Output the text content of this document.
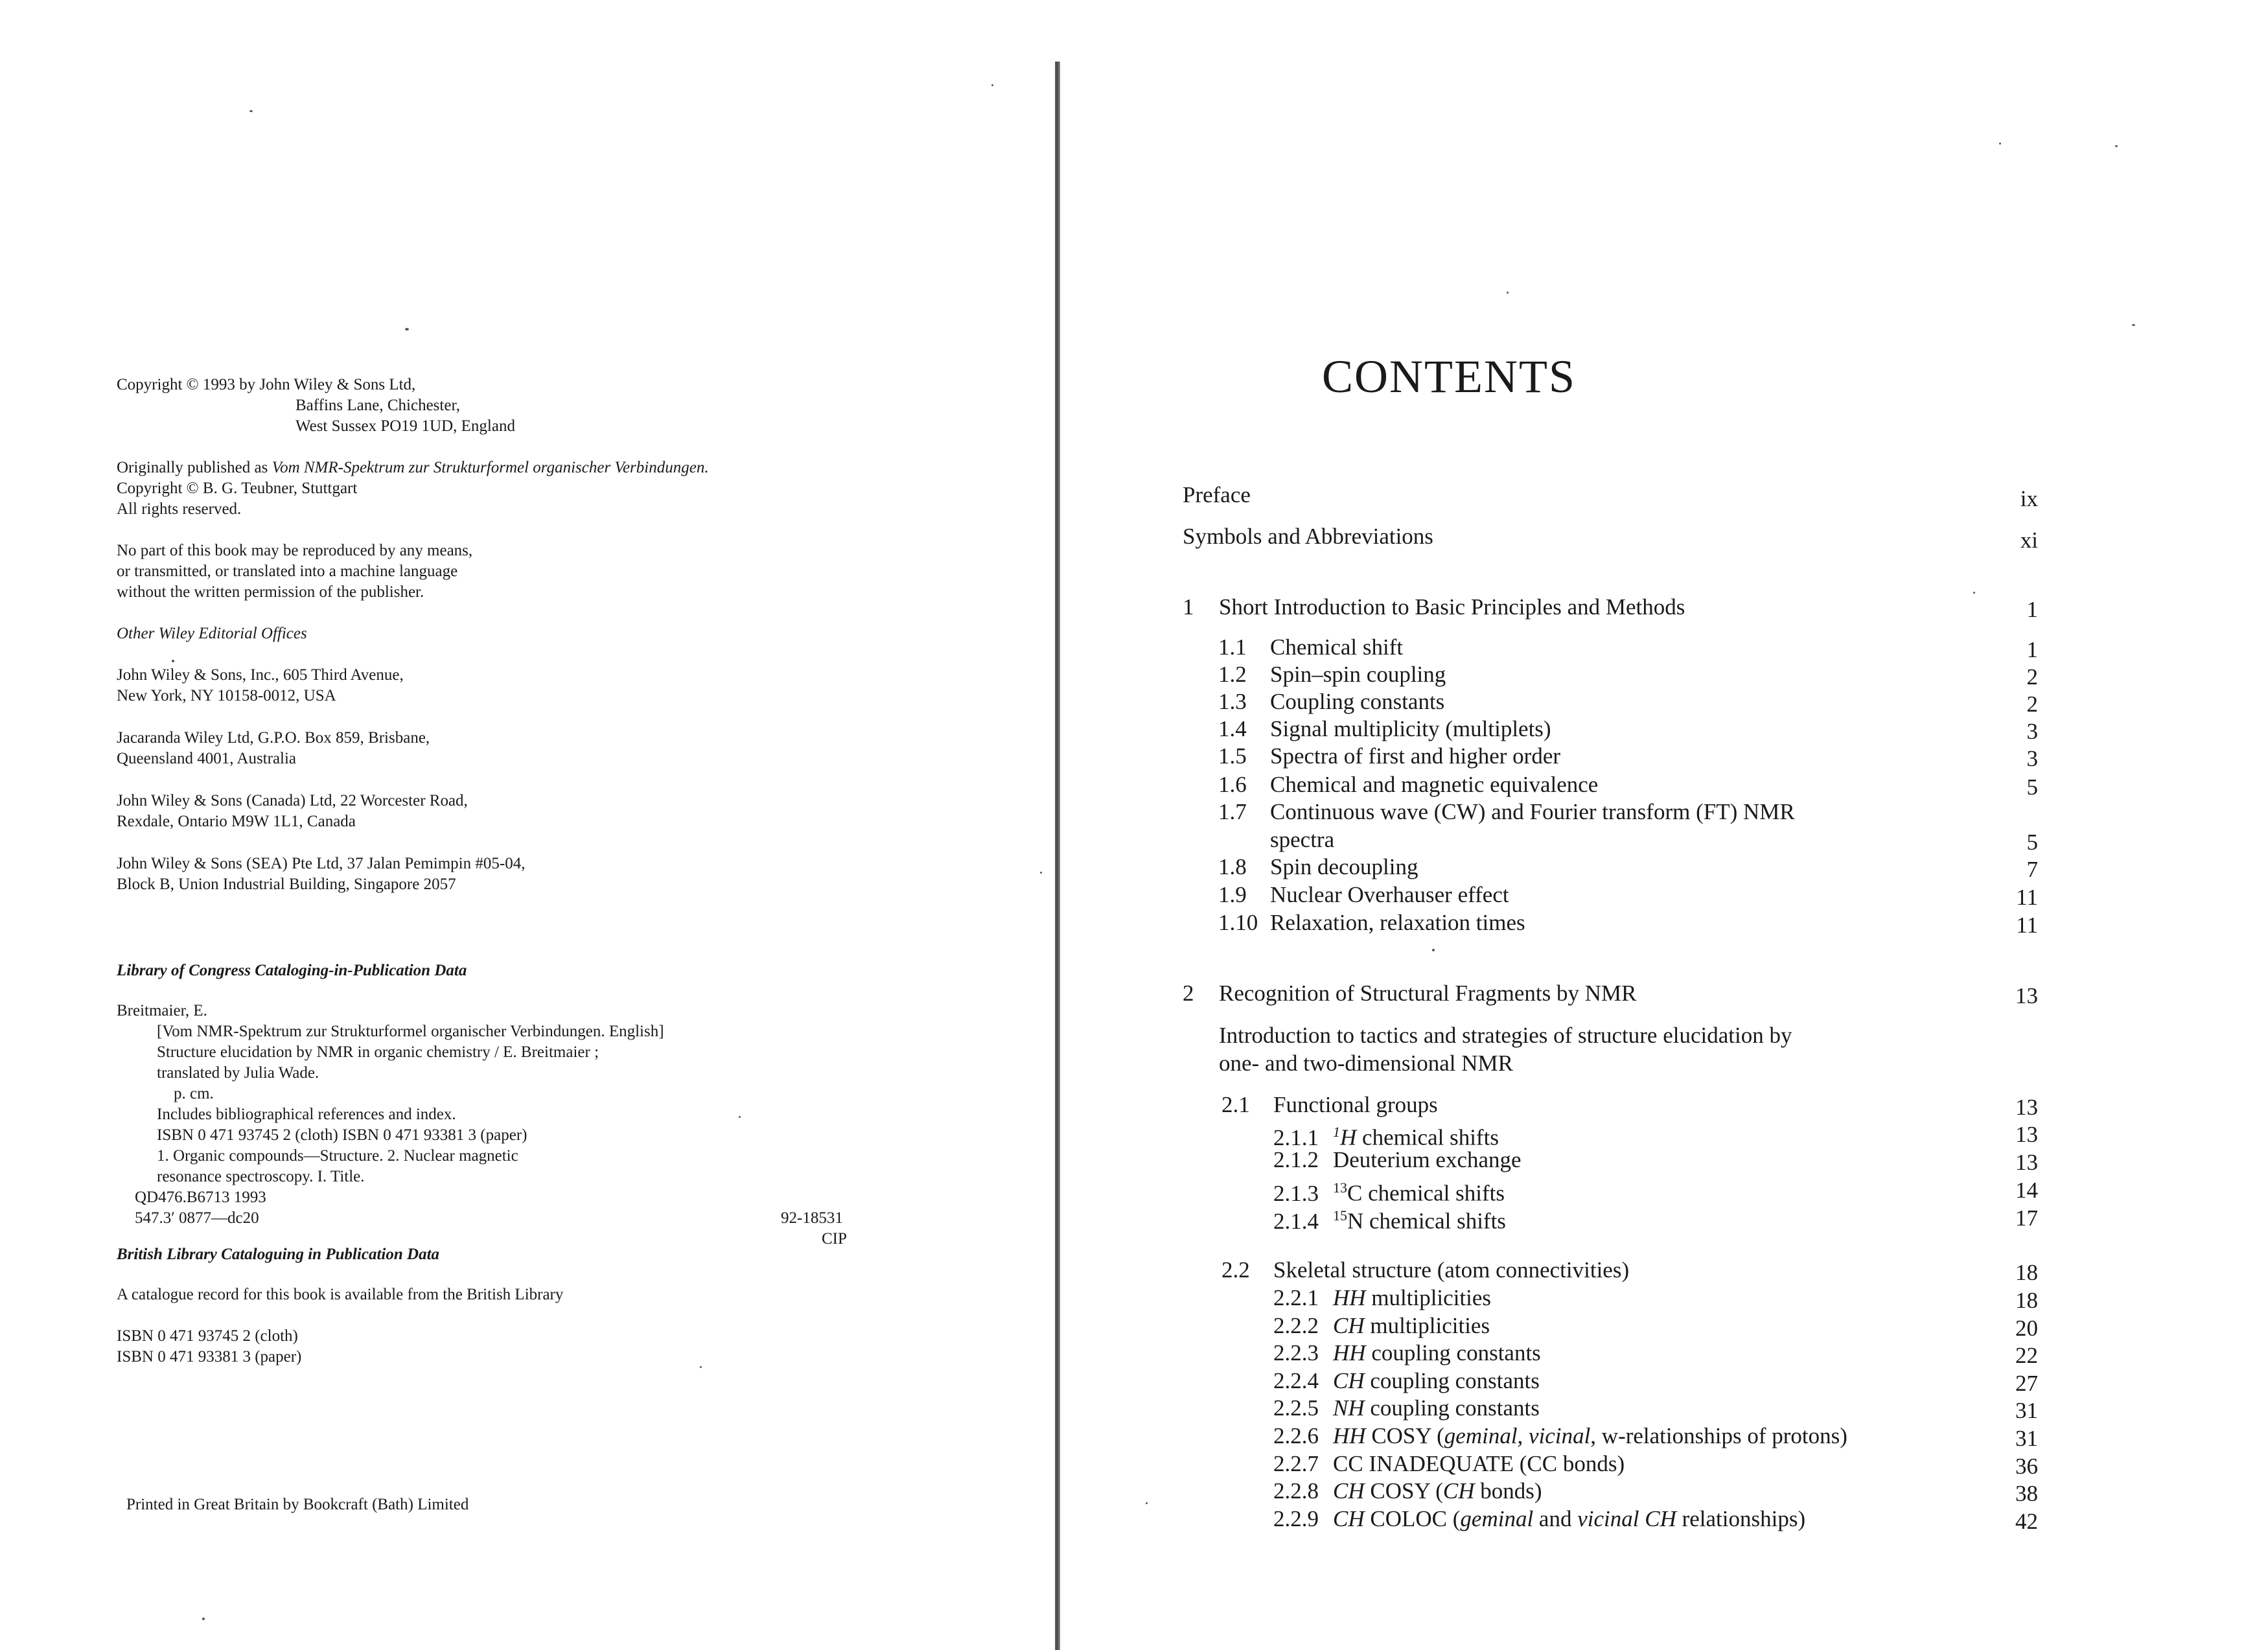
Copyright © 1993 by John Wiley & Sons Ltd,
Baffins Lane, Chichester,
West Sussex PO19 1UD, England
Originally published as Vom NMR-Spektrum zur Strukturformel organischer Verbindungen.
Copyright © B. G. Teubner, Stuttgart
All rights reserved.
No part of this book may be reproduced by any means,
or transmitted, or translated into a machine language
without the written permission of the publisher.
Other Wiley Editorial Offices
John Wiley & Sons, Inc., 605 Third Avenue,
New York, NY 10158-0012, USA
Jacaranda Wiley Ltd, G.P.O. Box 859, Brisbane,
Queensland 4001, Australia
John Wiley & Sons (Canada) Ltd, 22 Worcester Road,
Rexdale, Ontario M9W 1L1, Canada
John Wiley & Sons (SEA) Pte Ltd, 37 Jalan Pemimpin #05-04,
Block B, Union Industrial Building, Singapore 2057
Library of Congress Cataloging-in-Publication Data
Breitmaier, E.
[Vom NMR-Spektrum zur Strukturformel organischer Verbindungen. English]
Structure elucidation by NMR in organic chemistry / E. Breitmaier ;
translated by Julia Wade.
p. cm.
Includes bibliographical references and index.
ISBN 0 471 93745 2 (cloth) ISBN 0 471 93381 3 (paper)
1. Organic compounds—Structure. 2. Nuclear magnetic
resonance spectroscopy. I. Title.
QD476.B6713 1993
547.3′ 0877—dc20	92-18531
CIP
British Library Cataloguing in Publication Data
A catalogue record for this book is available from the British Library
ISBN 0 471 93745 2 (cloth)
ISBN 0 471 93381 3 (paper)
Printed in Great Britain by Bookcraft (Bath) Limited
CONTENTS
Preface	ix
Symbols and Abbreviations	xi
1 Short Introduction to Basic Principles and Methods	1
1.1 Chemical shift	1
1.2 Spin–spin coupling	2
1.3 Coupling constants	2
1.4 Signal multiplicity (multiplets)	3
1.5 Spectra of first and higher order	3
1.6 Chemical and magnetic equivalence	5
1.7 Continuous wave (CW) and Fourier transform (FT) NMR
spectra	5
1.8 Spin decoupling	7
1.9 Nuclear Overhauser effect	11
1.10 Relaxation, relaxation times	11
2 Recognition of Structural Fragments by NMR	13
Introduction to tactics and strategies of structure elucidation by
one- and two-dimensional NMR
2.1 Functional groups	13
2.1.1 $^1$H chemical shifts	13
2.1.2 Deuterium exchange	13
2.1.3 $^{13}$C chemical shifts	14
2.1.4 $^{15}$N chemical shifts	17
2.2 Skeletal structure (atom connectivities)	18
2.2.1 HH multiplicities	18
2.2.2 CH multiplicities	20
2.2.3 HH coupling constants	22
2.2.4 CH coupling constants	27
2.2.5 NH coupling constants	31
2.2.6 HH COSY (geminal, vicinal, w-relationships of protons)	31
2.2.7 CC INADEQUATE (CC bonds)	36
2.2.8 CH COSY (CH bonds)	38
2.2.9 CH COLOC (geminal and vicinal CH relationships)	42
